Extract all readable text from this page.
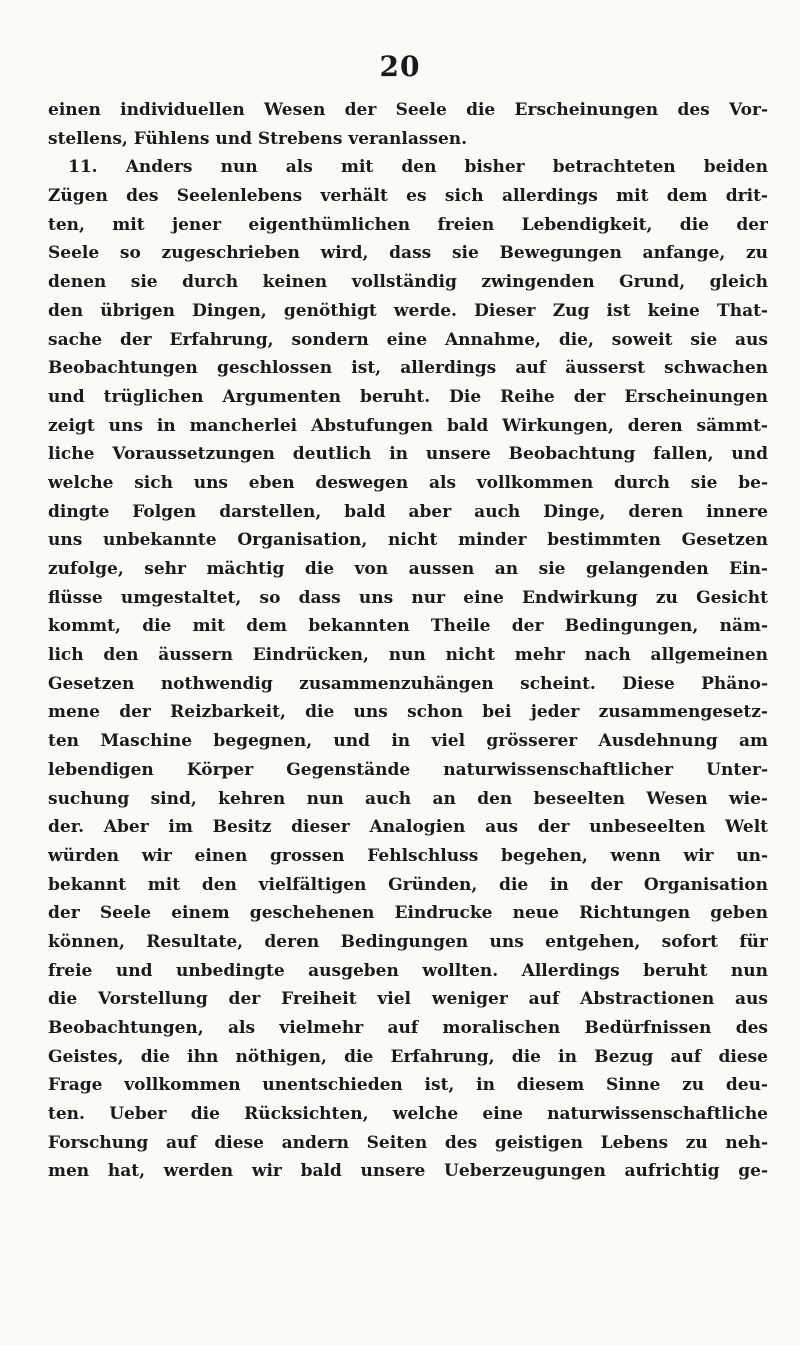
20
einen individuellen Wesen der Seele die Erscheinungen des Vor-
stellens, Fühlens und Strebens veranlassen.
11. Anders nun als mit den bisher betrachteten beiden
Zügen des Seelenlebens verhält es sich allerdings mit dem drit-
ten, mit jener eigenthümlichen freien Lebendigkeit, die der
Seele so zugeschrieben wird, dass sie Bewegungen anfange, zu
denen sie durch keinen vollständig zwingenden Grund, gleich
den übrigen Dingen, genöthigt werde. Dieser Zug ist keine That-
sache der Erfahrung, sondern eine Annahme, die, soweit sie aus
Beobachtungen geschlossen ist, allerdings auf äusserst schwachen
und trüglichen Argumenten beruht. Die Reihe der Erscheinungen
zeigt uns in mancherlei Abstufungen bald Wirkungen, deren sämmt-
liche Voraussetzungen deutlich in unsere Beobachtung fallen, und
welche sich uns eben deswegen als vollkommen durch sie be-
dingte Folgen darstellen, bald aber auch Dinge, deren innere
uns unbekannte Organisation, nicht minder bestimmten Gesetzen
zufolge, sehr mächtig die von aussen an sie gelangenden Ein-
flüsse umgestaltet, so dass uns nur eine Endwirkung zu Gesicht
kommt, die mit dem bekannten Theile der Bedingungen, näm-
lich den äussern Eindrücken, nun nicht mehr nach allgemeinen
Gesetzen nothwendig zusammenzuhängen scheint. Diese Phäno-
mene der Reizbarkeit, die uns schon bei jeder zusammengesetz-
ten Maschine begegnen, und in viel grösserer Ausdehnung am
lebendigen Körper Gegenstände naturwissenschaftlicher Unter-
suchung sind, kehren nun auch an den beseelten Wesen wie-
der. Aber im Besitz dieser Analogien aus der unbeseelten Welt
würden wir einen grossen Fehlschluss begehen, wenn wir un-
bekannt mit den vielfältigen Gründen, die in der Organisation
der Seele einem geschehenen Eindrucke neue Richtungen geben
können, Resultate, deren Bedingungen uns entgehen, sofort für
freie und unbedingte ausgeben wollten. Allerdings beruht nun
die Vorstellung der Freiheit viel weniger auf Abstractionen aus
Beobachtungen, als vielmehr auf moralischen Bedürfnissen des
Geistes, die ihn nöthigen, die Erfahrung, die in Bezug auf diese
Frage vollkommen unentschieden ist, in diesem Sinne zu deu-
ten. Ueber die Rücksichten, welche eine naturwissenschaftliche
Forschung auf diese andern Seiten des geistigen Lebens zu neh-
men hat, werden wir bald unsere Ueberzeugungen aufrichtig ge-
